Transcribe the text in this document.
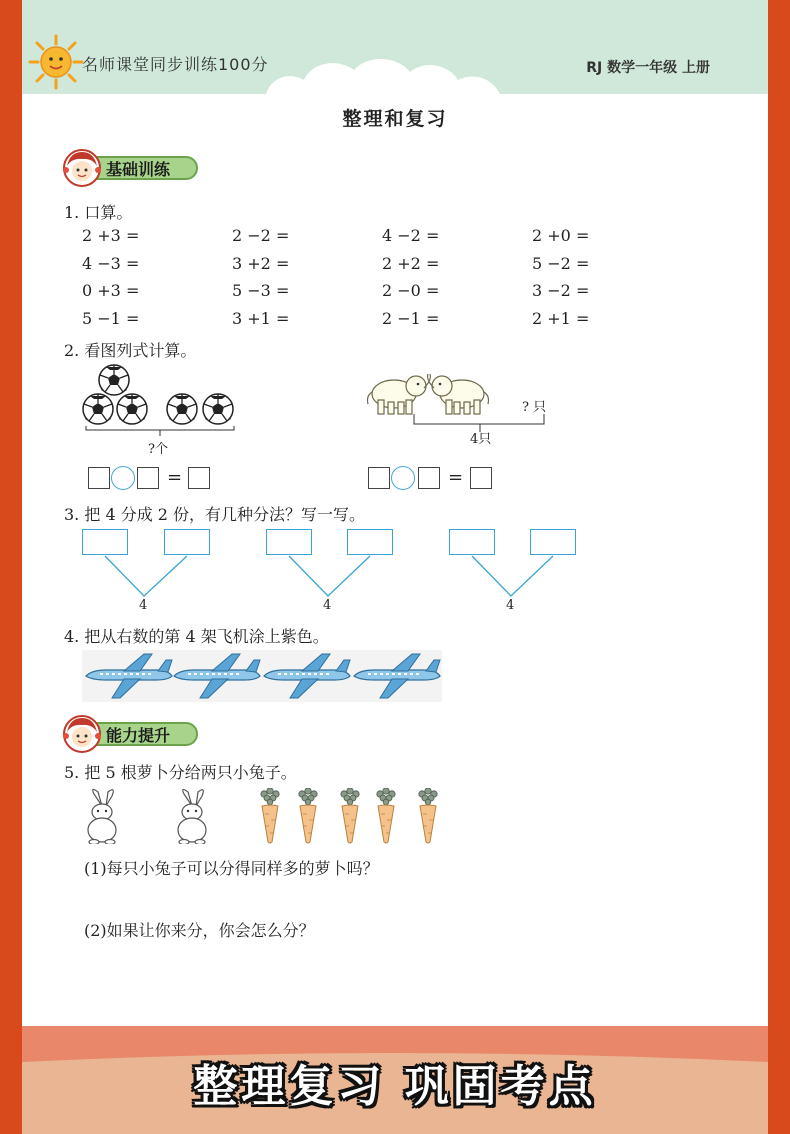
名师课堂同步训练100分	RJ 数学一年级 上册
整理和复习
基础训练
1. 口算。
2 +3 =	2 −2 =	4 −2 =	2 +0 =
4 −3 =	3 +2 =	2 +2 =	5 −2 =
0 +3 =	5 −3 =	2 −0 =	3 −2 =
5 −1 =	3 +1 =	2 −1 =	2 +1 =
2. 看图列式计算。
?个
? 只
4只
=	=
3. 把 4 分成 2 份，有几种分法？写一写。
4	4	4
4. 把从右数的第 4 架飞机涂上紫色。
能力提升
5. 把 5 根萝卜分给两只小兔子。
(1)每只小兔子可以分得同样多的萝卜吗？
(2)如果让你来分，你会怎么分？
整理复习 巩固考点
